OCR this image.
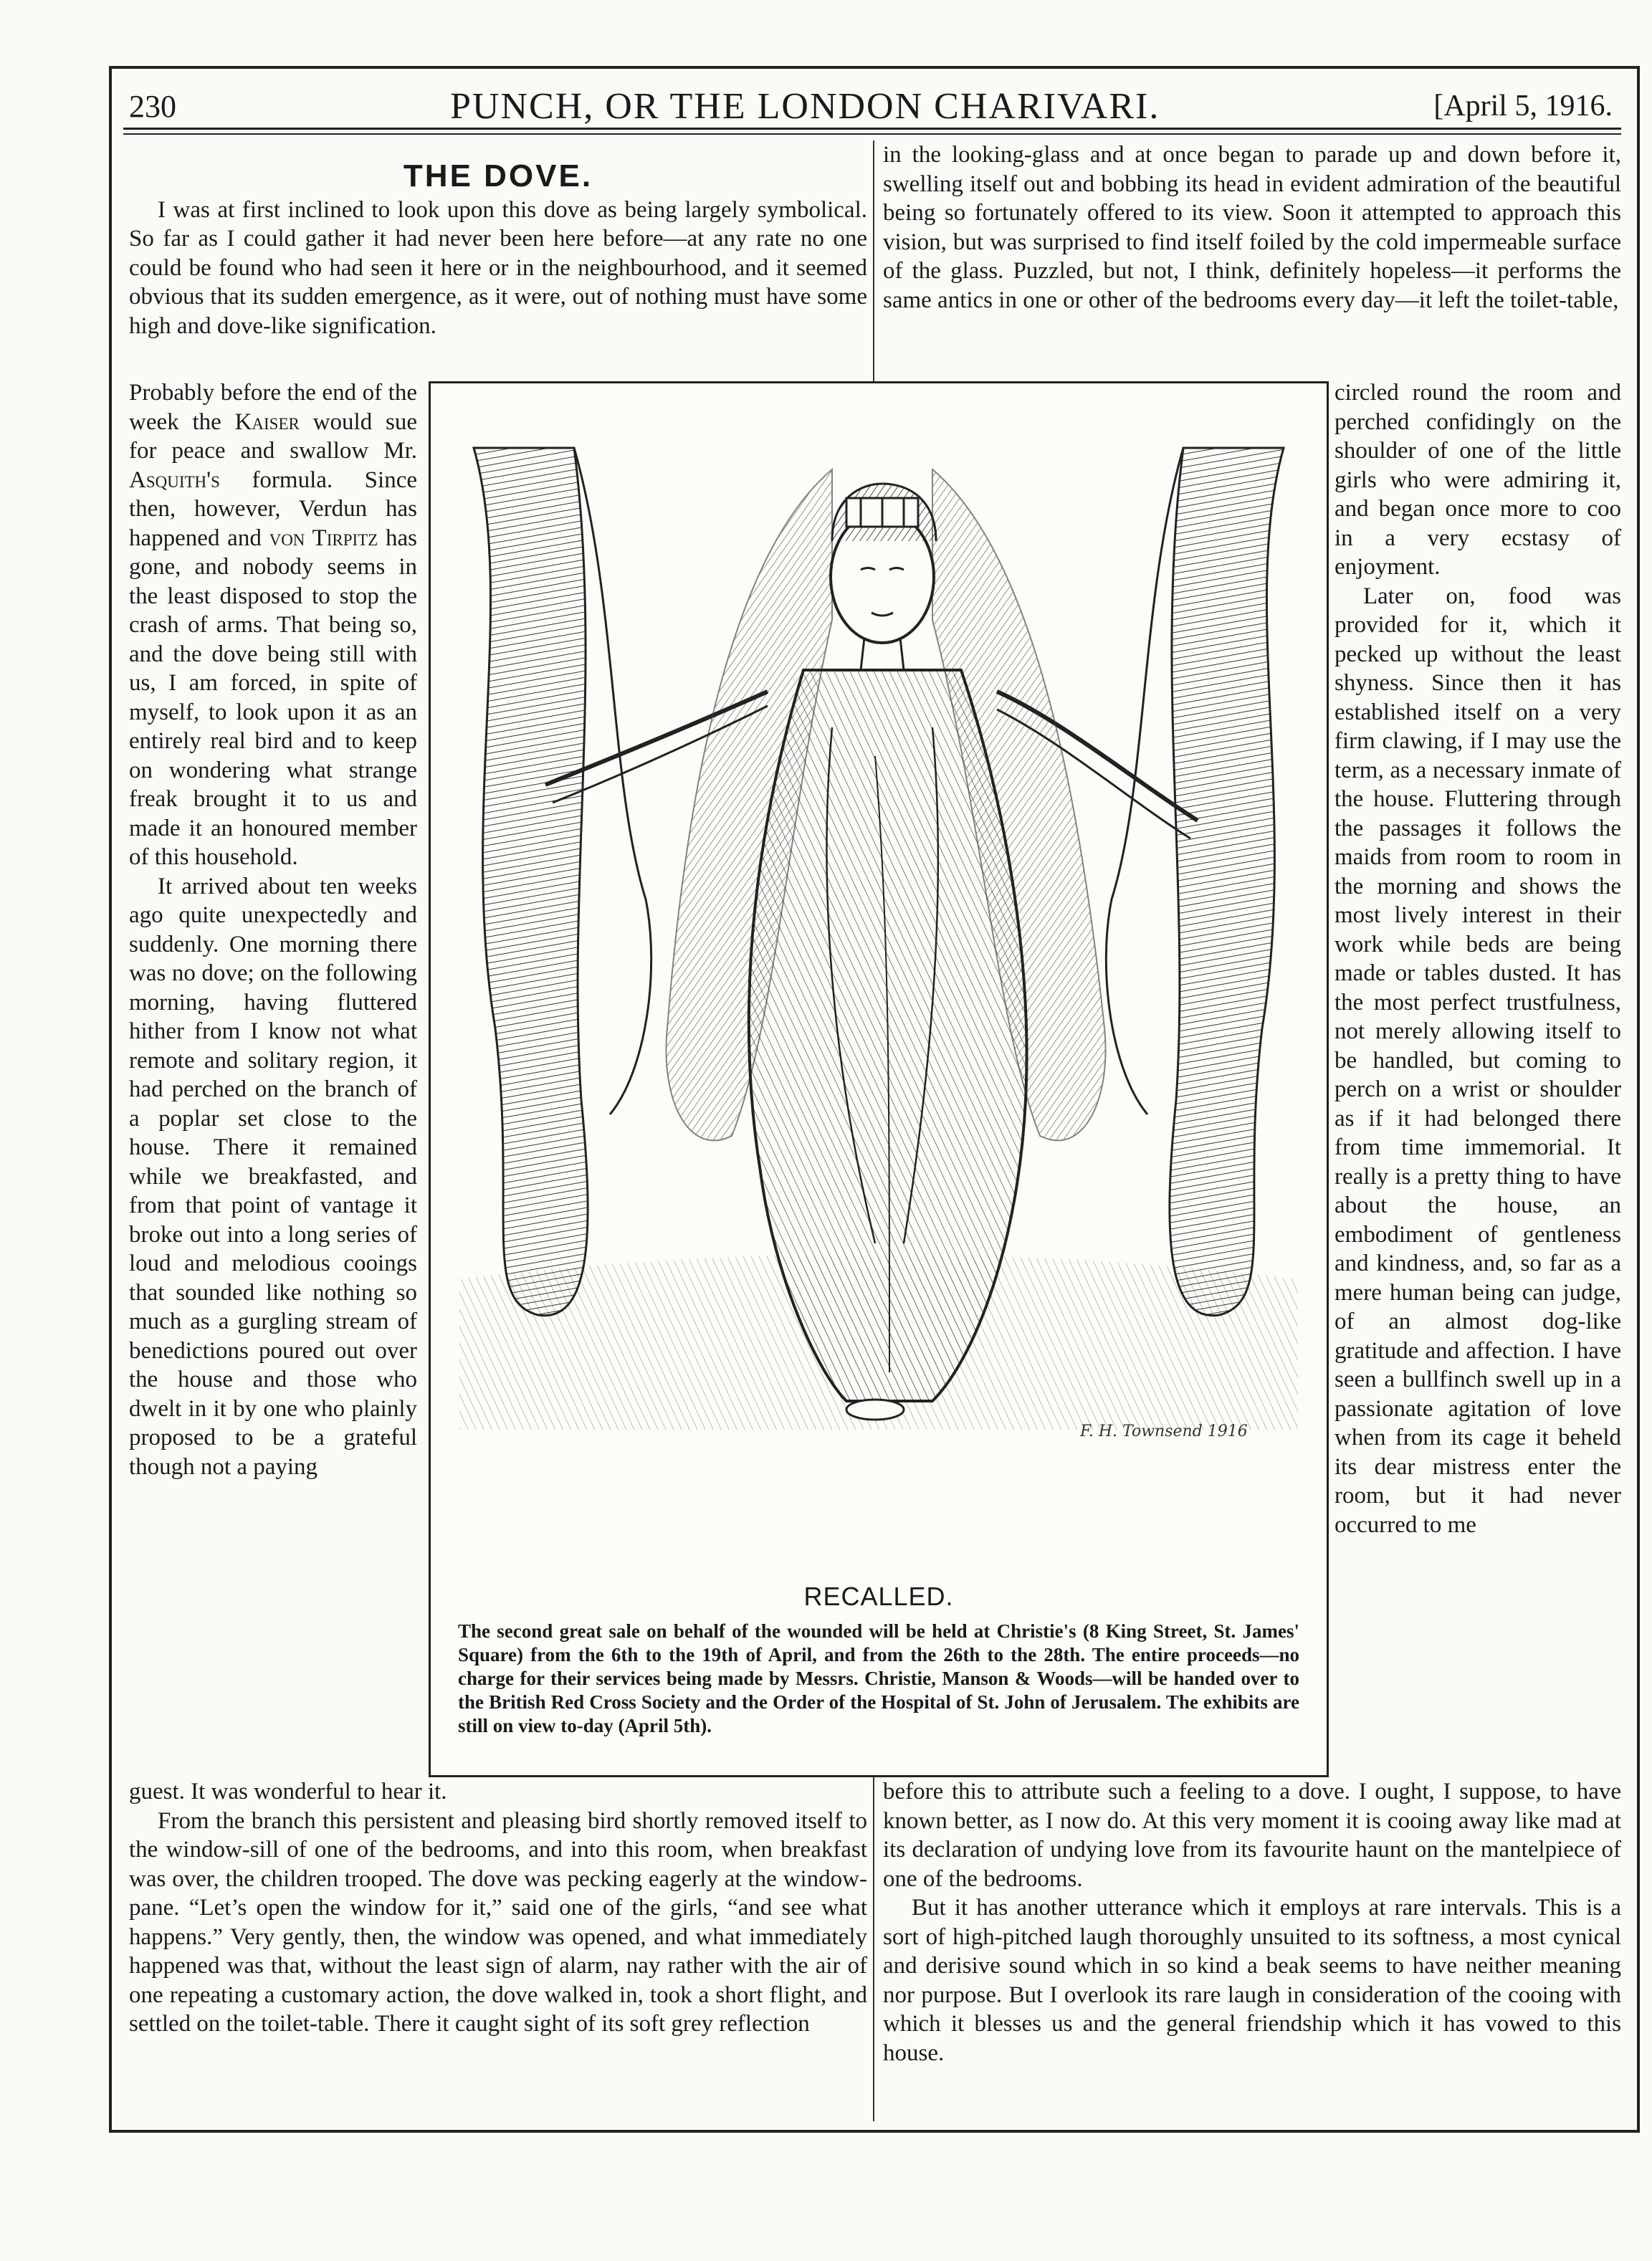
230	PUNCH, OR THE LONDON CHARIVARI.	[April 5, 1916.
THE DOVE.

I was at first inclined to look upon this dove as being largely symbolical. So far as I could gather it had never been here before—at any rate no one could be found who had seen it here or in the neighbourhood, and it seemed obvious that its sudden emergence, as it were, out of nothing must have some high and dove-like signification.

in the looking-glass and at once began to parade up and down before it, swelling itself out and bobbing its head in evident admiration of the beautiful being so fortunately offered to its view. Soon it attempted to approach this vision, but was surprised to find itself foiled by the cold impermeable surface of the glass. Puzzled, but not, I think, definitely hopeless—it performs the same antics in one or other of the bedrooms every day—it left the toilet-table,

Probably before the end of the week the Kaiser would sue for peace and swallow Mr. Asquith's formula. Since then, however, Verdun has happened and von Tirpitz has gone, and nobody seems in the least disposed to stop the crash of arms. That being so, and the dove being still with us, I am forced, in spite of myself, to look upon it as an entirely real bird and to keep on wondering what strange freak brought it to us and made it an honoured member of this household.

It arrived about ten weeks ago quite unexpectedly and suddenly. One morning there was no dove; on the following morning, having fluttered hither from I know not what remote and solitary region, it had perched on the branch of a poplar set close to the house. There it remained while we breakfasted, and from that point of vantage it broke out into a long series of loud and melodious cooings that sounded like nothing so much as a gurgling stream of benedictions poured out over the house and those who dwelt in it by one who plainly proposed to be a grateful though not a paying

circled round the room and perched confidingly on the shoulder of one of the little girls who were admiring it, and began once more to coo in a very ecstasy of enjoyment.

Later on, food was provided for it, which it pecked up without the least shyness. Since then it has established itself on a very firm clawing, if I may use the term, as a necessary inmate of the house. Fluttering through the passages it follows the maids from room to room in the morning and shows the most lively interest in their work while beds are being made or tables dusted. It has the most perfect trustfulness, not merely allowing itself to be handled, but coming to perch on a wrist or shoulder as if it had belonged there from time immemorial. It really is a pretty thing to have about the house, an embodiment of gentleness and kindness, and, so far as a mere human being can judge, of an almost dog-like gratitude and affection. I have seen a bullfinch swell up in a passionate agitation of love when from its cage it beheld its dear mistress enter the room, but it had never occurred to me

guest. It was wonderful to hear it.

From the branch this persistent and pleasing bird shortly removed itself to the window-sill of one of the bedrooms, and into this room, when breakfast was over, the children trooped. The dove was pecking eagerly at the window-pane. “Let’s open the window for it,” said one of the girls, “and see what happens.” Very gently, then, the window was opened, and what immediately happened was that, without the least sign of alarm, nay rather with the air of one repeating a customary action, the dove walked in, took a short flight, and settled on the toilet-table. There it caught sight of its soft grey reflection

before this to attribute such a feeling to a dove. I ought, I suppose, to have known better, as I now do. At this very moment it is cooing away like mad at its declaration of undying love from its favourite haunt on the mantelpiece of one of the bedrooms.

But it has another utterance which it employs at rare intervals. This is a sort of high-pitched laugh thoroughly unsuited to its softness, a most cynical and derisive sound which in so kind a beak seems to have neither meaning nor purpose. But I overlook its rare laugh in consideration of the cooing with which it blesses us and the general friendship which it has vowed to this house.

F. H. Townsend 1916
RECALLED.
The second great sale on behalf of the wounded will be held at Christie's (8 King Street, St. James' Square) from the 6th to the 19th of April, and from the 26th to the 28th. The entire proceeds—no charge for their services being made by Messrs. Christie, Manson & Woods—will be handed over to the British Red Cross Society and the Order of the Hospital of St. John of Jerusalem. The exhibits are still on view to-day (April 5th).
